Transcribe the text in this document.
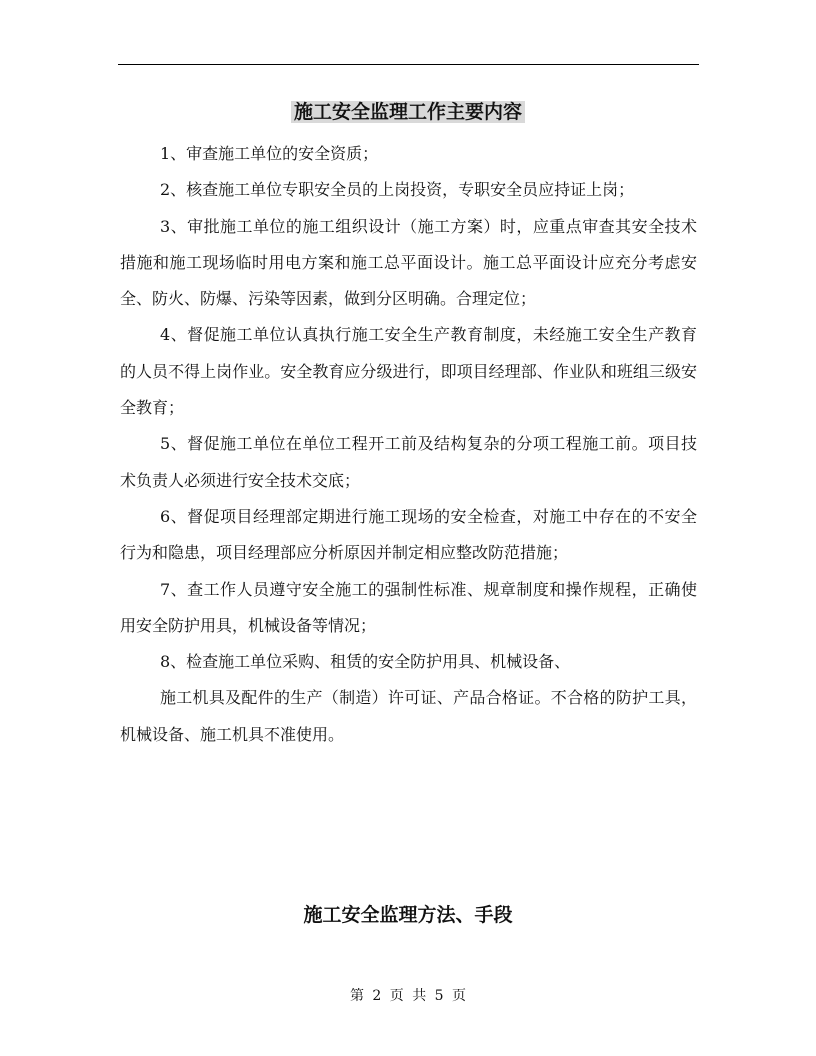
施工安全监理工作主要内容

1、审查施工单位的安全资质；

2、核查施工单位专职安全员的上岗投资，专职安全员应持证上岗；

3、审批施工单位的施工组织设计（施工方案）时，应重点审查其安全技术措施和施工现场临时用电方案和施工总平面设计。施工总平面设计应充分考虑安全、防火、防爆、污染等因素，做到分区明确。合理定位；

4、督促施工单位认真执行施工安全生产教育制度，未经施工安全生产教育的人员不得上岗作业。安全教育应分级进行，即项目经理部、作业队和班组三级安全教育；

5、督促施工单位在单位工程开工前及结构复杂的分项工程施工前。项目技术负责人必须进行安全技术交底；

6、督促项目经理部定期进行施工现场的安全检查，对施工中存在的不安全行为和隐患，项目经理部应分析原因并制定相应整改防范措施；

7、查工作人员遵守安全施工的强制性标准、规章制度和操作规程，正确使用安全防护用具，机械设备等情况；

8、检查施工单位采购、租赁的安全防护用具、机械设备、

施工机具及配件的生产（制造）许可证、产品合格证。不合格的防护工具，机械设备、施工机具不准使用。

施工安全监理方法、手段
第 2 页 共 5 页
